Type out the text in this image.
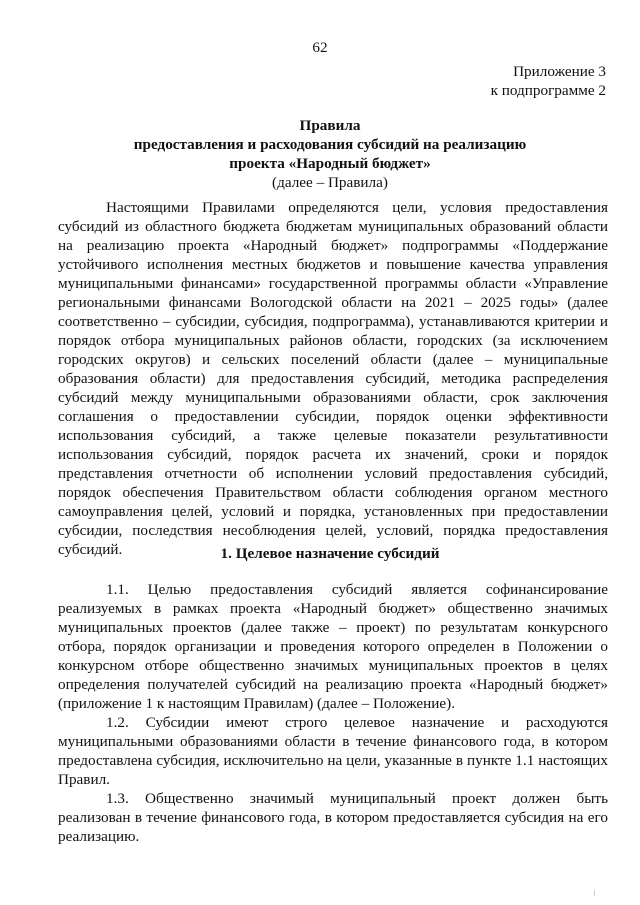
62
Приложение 3
к подпрограмме 2
Правила
предоставления и расходования субсидий на реализацию
проекта «Народный бюджет»
(далее – Правила)

Настоящими Правилами определяются цели, условия предоставления субсидий из областного бюджета бюджетам муниципальных образований области на реализацию проекта «Народный бюджет» подпрограммы «Поддержание устойчивого исполнения местных бюджетов и повышение качества управления муниципальными финансами» государственной программы области «Управление региональными финансами Вологодской области на 2021 – 2025 годы» (далее соответственно – субсидии, субсидия, подпрограмма), устанавливаются критерии и порядок отбора муниципальных районов области, городских (за исключением городских округов) и сельских поселений области (далее – муниципальные образования области) для предоставления субсидий, методика распределения субсидий между муниципальными образованиями области, срок заключения соглашения о предоставлении субсидии, порядок оценки эффективности использования субсидий, а также целевые показатели результативности использования субсидий, порядок расчета их значений, сроки и порядок представления отчетности об исполнении условий предоставления субсидий, порядок обеспечения Правительством области соблюдения органом местного самоуправления целей, условий и порядка, установленных при предоставлении субсидии, последствия несоблюдения целей, условий, порядка предоставления субсидий.	1. Целевое назначение субсидий

1.1. Целью предоставления субсидий является софинансирование реализуемых в рамках проекта «Народный бюджет» общественно значимых муниципальных проектов (далее также – проект) по результатам конкурсного отбора, порядок организации и проведения которого определен в Положении о конкурсном отборе общественно значимых муниципальных проектов в целях определения получателей субсидий на реализацию проекта «Народный бюджет» (приложение 1 к настоящим Правилам) (далее – Положение).

1.2. Субсидии имеют строго целевое назначение и расходуются муниципальными образованиями области в течение финансового года, в котором предоставлена субсидия, исключительно на цели, указанные в пункте 1.1 настоящих Правил.

1.3. Общественно значимый муниципальный проект должен быть реализован в течение финансового года, в котором предоставляется субсидия на его реализацию.
